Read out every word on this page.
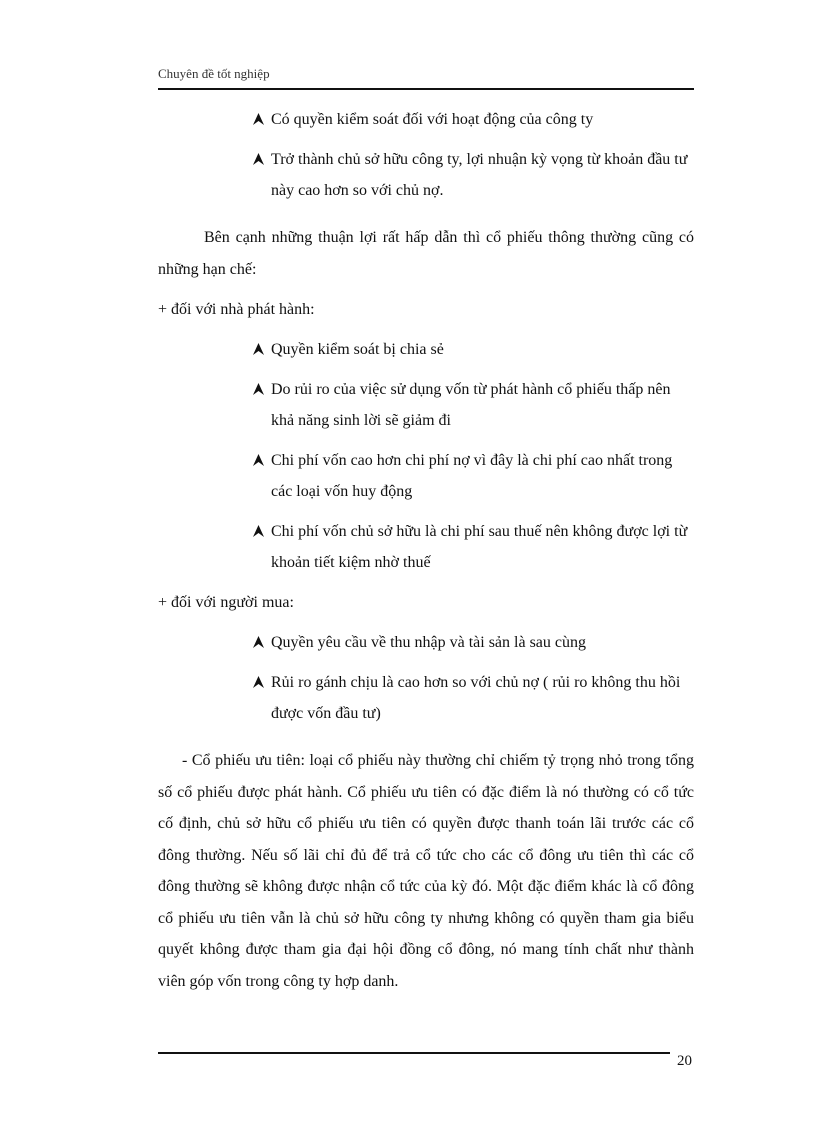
Chuyên đề tốt nghiệp
Có quyền kiểm soát đối với hoạt động của công ty
Trở thành chủ sở hữu công ty, lợi nhuận kỳ vọng từ khoản đầu tư này cao hơn so với chủ nợ.

Bên cạnh những thuận lợi rất hấp dẫn thì cổ phiếu thông thường cũng có những hạn chế:

+ đối với nhà phát hành:
Quyền kiểm soát bị chia sẻ
Do rủi ro của việc sử dụng vốn từ phát hành cổ phiếu thấp nên khả năng sinh lời sẽ giảm đi
Chi phí vốn cao hơn chi phí nợ vì đây là chi phí cao nhất trong các loại vốn huy động
Chi phí vốn chủ sở hữu là chi phí sau thuế nên không được lợi từ khoản tiết kiệm nhờ thuế
+ đối với người mua:
Quyền yêu cầu về thu nhập và tài sản là sau cùng
Rủi ro gánh chịu là cao hơn so với chủ nợ ( rủi ro không thu hồi được vốn đầu tư)

- Cổ phiếu ưu tiên: loại cổ phiếu này thường chỉ chiếm tỷ trọng nhỏ trong tổng số cổ phiếu được phát hành. Cổ phiếu ưu tiên có đặc điểm là nó thường có cổ tức cố định, chủ sở hữu cổ phiếu ưu tiên có quyền được thanh toán lãi trước các cổ đông thường. Nếu số lãi chỉ đủ để trả cổ tức cho các cổ đông ưu tiên thì các cổ đông thường sẽ không được nhận cổ tức của kỳ đó. Một đặc điểm khác là cổ đông cổ phiếu ưu tiên vẫn là chủ sở hữu công ty nhưng không có quyền tham gia biểu quyết không được tham gia đại hội đồng cổ đông, nó mang tính chất như thành viên góp vốn trong công ty hợp danh.

20
